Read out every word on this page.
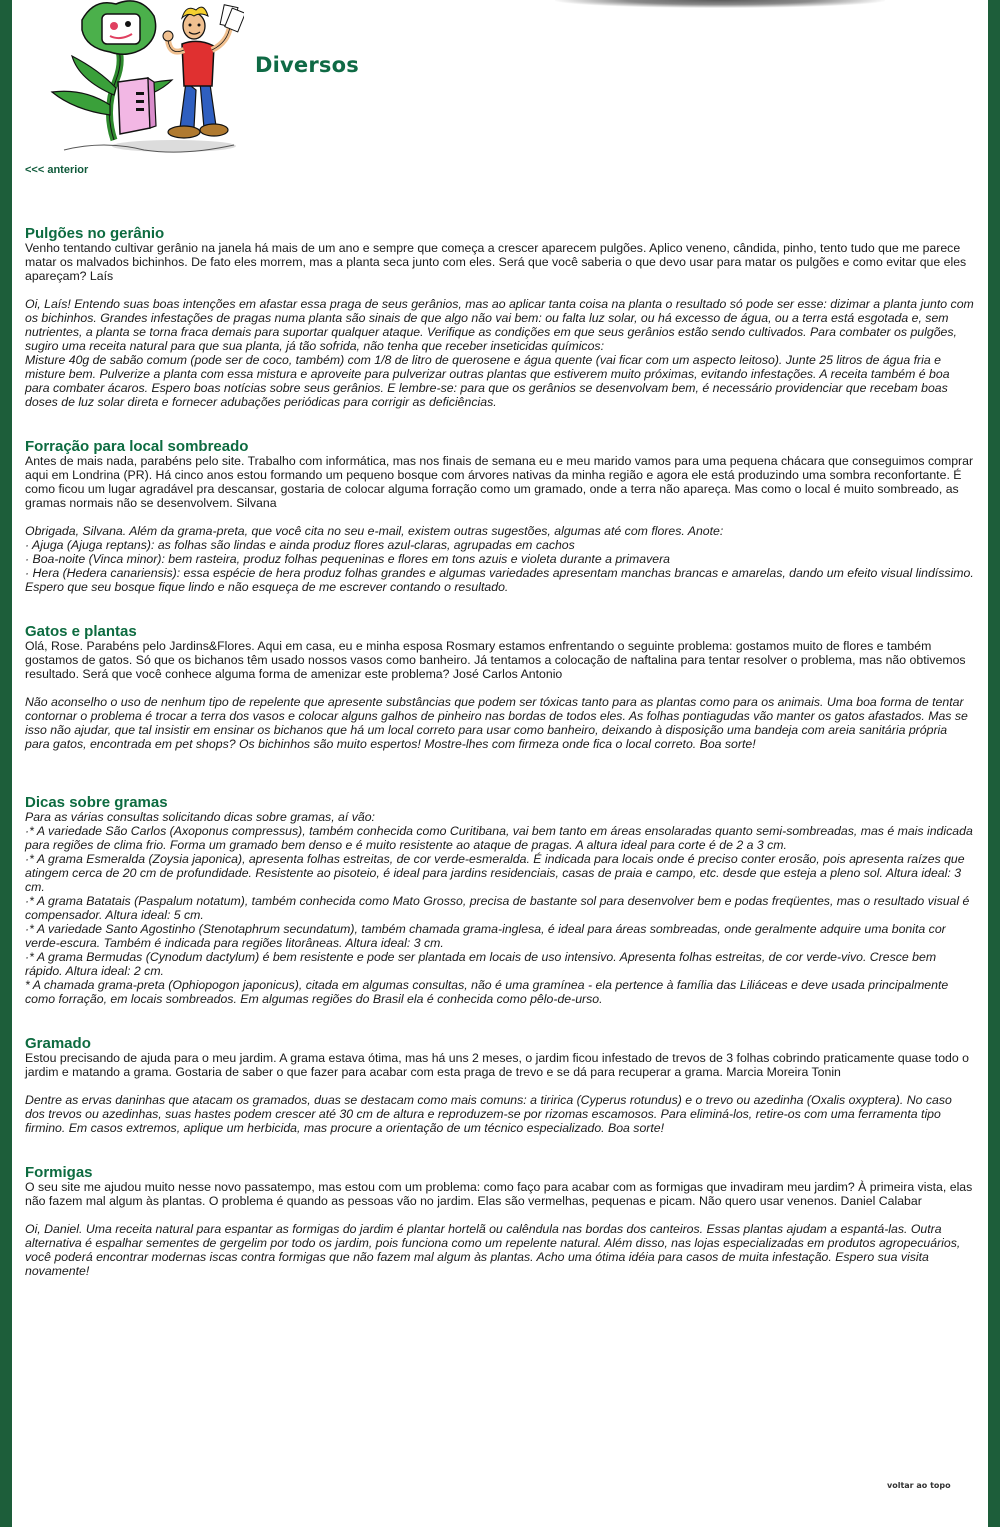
Diversos
<<< anterior
Pulgões no gerânio

Venho tentando cultivar gerânio na janela há mais de um ano e sempre que começa a crescer aparecem pulgões. Aplico veneno, cândida, pinho, tento tudo que me parece matar os malvados bichinhos. De fato eles morrem, mas a planta seca junto com eles. Será que você saberia o que devo usar para matar os pulgões e como evitar que eles apareçam? Laís

Oi, Laís! Entendo suas boas intenções em afastar essa praga de seus gerânios, mas ao aplicar tanta coisa na planta o resultado só pode ser esse: dizimar a planta junto com os bichinhos. Grandes infestações de pragas numa planta são sinais de que algo não vai bem: ou falta luz solar, ou há excesso de água, ou a terra está esgotada e, sem nutrientes, a planta se torna fraca demais para suportar qualquer ataque. Verifique as condições em que seus gerânios estão sendo cultivados. Para combater os pulgões, sugiro uma receita natural para que sua planta, já tão sofrida, não tenha que receber inseticidas químicos:
Misture 40g de sabão comum (pode ser de coco, também) com 1/8 de litro de querosene e água quente (vai ficar com um aspecto leitoso). Junte 25 litros de água fria e misture bem. Pulverize a planta com essa mistura e aproveite para pulverizar outras plantas que estiverem muito próximas, evitando infestações. A receita também é boa para combater ácaros. Espero boas notícias sobre seus gerânios. E lembre-se: para que os gerânios se desenvolvam bem, é necessário providenciar que recebam boas doses de luz solar direta e fornecer adubações periódicas para corrigir as deficiências.

Forração para local sombreado

Antes de mais nada, parabéns pelo site. Trabalho com informática, mas nos finais de semana eu e meu marido vamos para uma pequena chácara que conseguimos comprar aqui em Londrina (PR). Há cinco anos estou formando um pequeno bosque com árvores nativas da minha região e agora ele está produzindo uma sombra reconfortante. É como ficou um lugar agradável pra descansar, gostaria de colocar alguma forração como um gramado, onde a terra não apareça. Mas como o local é muito sombreado, as gramas normais não se desenvolvem. Silvana

Obrigada, Silvana. Além da grama-preta, que você cita no seu e-mail, existem outras sugestões, algumas até com flores. Anote:
· Ajuga (Ajuga reptans): as folhas são lindas e ainda produz flores azul-claras, agrupadas em cachos
· Boa-noite (Vinca minor): bem rasteira, produz folhas pequeninas e flores em tons azuis e violeta durante a primavera
· Hera (Hedera canariensis): essa espécie de hera produz folhas grandes e algumas variedades apresentam manchas brancas e amarelas, dando um efeito visual lindíssimo.
Espero que seu bosque fique lindo e não esqueça de me escrever contando o resultado.

Gatos e plantas

Olá, Rose. Parabéns pelo Jardins&Flores. Aqui em casa, eu e minha esposa Rosmary estamos enfrentando o seguinte problema: gostamos muito de flores e também gostamos de gatos. Só que os bichanos têm usado nossos vasos como banheiro. Já tentamos a colocação de naftalina para tentar resolver o problema, mas não obtivemos resultado. Será que você conhece alguma forma de amenizar este problema? José Carlos Antonio

Não aconselho o uso de nenhum tipo de repelente que apresente substâncias que podem ser tóxicas tanto para as plantas como para os animais. Uma boa forma de tentar contornar o problema é trocar a terra dos vasos e colocar alguns galhos de pinheiro nas bordas de todos eles. As folhas pontiagudas vão manter os gatos afastados. Mas se isso não ajudar, que tal insistir em ensinar os bichanos que há um local correto para usar como banheiro, deixando à disposição uma bandeja com areia sanitária própria para gatos, encontrada em pet shops? Os bichinhos são muito espertos! Mostre-lhes com firmeza onde fica o local correto. Boa sorte!

Dicas sobre gramas

Para as várias consultas solicitando dicas sobre gramas, aí vão:
·* A variedade São Carlos (Axoponus compressus), também conhecida como Curitibana, vai bem tanto em áreas ensolaradas quanto semi-sombreadas, mas é mais indicada para regiões de clima frio. Forma um gramado bem denso e é muito resistente ao ataque de pragas. A altura ideal para corte é de 2 a 3 cm.
·* A grama Esmeralda (Zoysia japonica), apresenta folhas estreitas, de cor verde-esmeralda. É indicada para locais onde é preciso conter erosão, pois apresenta raízes que atingem cerca de 20 cm de profundidade. Resistente ao pisoteio, é ideal para jardins residenciais, casas de praia e campo, etc. desde que esteja a pleno sol. Altura ideal: 3 cm.
·* A grama Batatais (Paspalum notatum), também conhecida como Mato Grosso, precisa de bastante sol para desenvolver bem e podas freqüentes, mas o resultado visual é compensador. Altura ideal: 5 cm.
·* A variedade Santo Agostinho (Stenotaphrum secundatum), também chamada grama-inglesa, é ideal para áreas sombreadas, onde geralmente adquire uma bonita cor verde-escura. Também é indicada para regiões litorâneas. Altura ideal: 3 cm.
·* A grama Bermudas (Cynodum dactylum) é bem resistente e pode ser plantada em locais de uso intensivo. Apresenta folhas estreitas, de cor verde-vivo. Cresce bem rápido. Altura ideal: 2 cm.
* A chamada grama-preta (Ophiopogon japonicus), citada em algumas consultas, não é uma gramínea - ela pertence à família das Liliáceas e deve usada principalmente como forração, em locais sombreados. Em algumas regiões do Brasil ela é conhecida como pêlo-de-urso.

Gramado

Estou precisando de ajuda para o meu jardim. A grama estava ótima, mas há uns 2 meses, o jardim ficou infestado de trevos de 3 folhas cobrindo praticamente quase todo o jardim e matando a grama. Gostaria de saber o que fazer para acabar com esta praga de trevo e se dá para recuperar a grama. Marcia Moreira Tonin

Dentre as ervas daninhas que atacam os gramados, duas se destacam como mais comuns: a tiririca (Cyperus rotundus) e o trevo ou azedinha (Oxalis oxyptera). No caso dos trevos ou azedinhas, suas hastes podem crescer até 30 cm de altura e reproduzem-se por rizomas escamosos. Para eliminá-los, retire-os com uma ferramenta tipo firmino. Em casos extremos, aplique um herbicida, mas procure a orientação de um técnico especializado. Boa sorte!

Formigas

O seu site me ajudou muito nesse novo passatempo, mas estou com um problema: como faço para acabar com as formigas que invadiram meu jardim? À primeira vista, elas não fazem mal algum às plantas. O problema é quando as pessoas vão no jardim. Elas são vermelhas, pequenas e picam. Não quero usar venenos. Daniel Calabar

Oi, Daniel. Uma receita natural para espantar as formigas do jardim é plantar hortelã ou calêndula nas bordas dos canteiros. Essas plantas ajudam a espantá-las. Outra alternativa é espalhar sementes de gergelim por todo os jardim, pois funciona como um repelente natural. Além disso, nas lojas especializadas em produtos agropecuários, você poderá encontrar modernas iscas contra formigas que não fazem mal algum às plantas. Acho uma ótima idéia para casos de muita infestação. Espero sua visita novamente!

voltar ao topo
